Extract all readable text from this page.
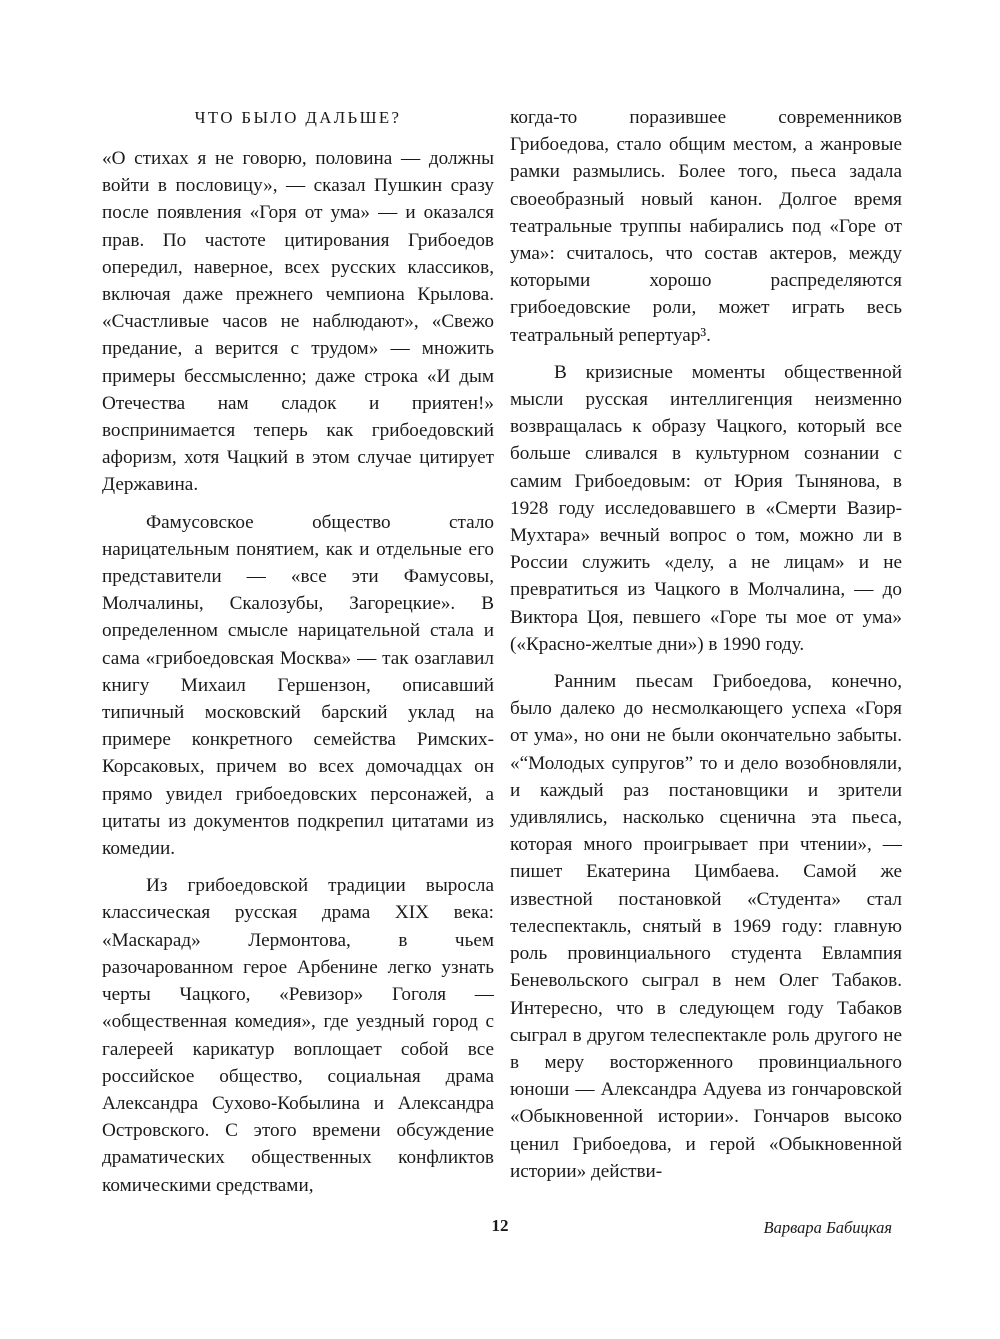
ЧТО БЫЛО ДАЛЬШЕ?

«О стихах я не говорю, половина — должны войти в пословицу», — сказал Пушкин сразу после появления «Горя от ума» — и оказался прав. По частоте цитирования Грибоедов опередил, наверное, всех русских классиков, включая даже прежнего чемпиона Крылова. «Счастливые часов не наблюдают», «Свежо предание, а верится с трудом» — множить примеры бессмысленно; даже строка «И дым Отечества нам сладок и приятен!» воспринимается теперь как грибоедовский афоризм, хотя Чацкий в этом случае цитирует Державина.

Фамусовское общество стало нарицательным понятием, как и отдельные его представители — «все эти Фамусовы, Молчалины, Скалозубы, Загорецкие». В определенном смысле нарицательной стала и сама «грибоедовская Москва» — так озаглавил книгу Михаил Гершензон, описавший типичный московский барский уклад на примере конкретного семейства Римских-Корсаковых, причем во всех домочадцах он прямо увидел грибоедовских персонажей, а цитаты из документов подкрепил цитатами из комедии.

Из грибоедовской традиции выросла классическая русская драма XIX века: «Маскарад» Лермонтова, в чьем разочарованном герое Арбенине легко узнать черты Чацкого, «Ревизор» Гоголя — «общественная комедия», где уездный город с галереей карикатур воплощает собой все российское общество, социальная драма Александра Сухово-Кобылина и Александра Островского. С этого времени обсуждение драматических общественных конфликтов комическими средствами,

когда-то поразившее современников Грибоедова, стало общим местом, а жанровые рамки размылись. Более того, пьеса задала своеобразный новый канон. Долгое время театральные труппы набирались под «Горе от ума»: считалось, что состав актеров, между которыми хорошо распределяются грибоедовские роли, может играть весь театральный репертуар³.

В кризисные моменты общественной мысли русская интеллигенция неизменно возвращалась к образу Чацкого, который все больше сливался в культурном сознании с самим Грибоедовым: от Юрия Тынянова, в 1928 году исследовавшего в «Смерти Вазир-Мухтара» вечный вопрос о том, можно ли в России служить «делу, а не лицам» и не превратиться из Чацкого в Молчалина, — до Виктора Цоя, певшего «Горе ты мое от ума» («Красно-желтые дни») в 1990 году.

Ранним пьесам Грибоедова, конечно, было далеко до несмолкающего успеха «Горя от ума», но они не были окончательно забыты. «“Молодых супругов” то и дело возобновляли, и каждый раз постановщики и зрители удивлялись, насколько сценична эта пьеса, которая много проигрывает при чтении», — пишет Екатерина Цимбаева. Самой же известной постановкой «Студента» стал телеспектакль, снятый в 1969 году: главную роль провинциального студента Евлампия Беневольского сыграл в нем Олег Табаков. Интересно, что в следующем году Табаков сыграл в другом телеспектакле роль другого не в меру восторженного провинциального юноши — Александра Адуева из гончаровской «Обыкновенной истории». Гончаров высоко ценил Грибоедова, и герой «Обыкновенной истории» действи-

12	Варвара Бабицкая
